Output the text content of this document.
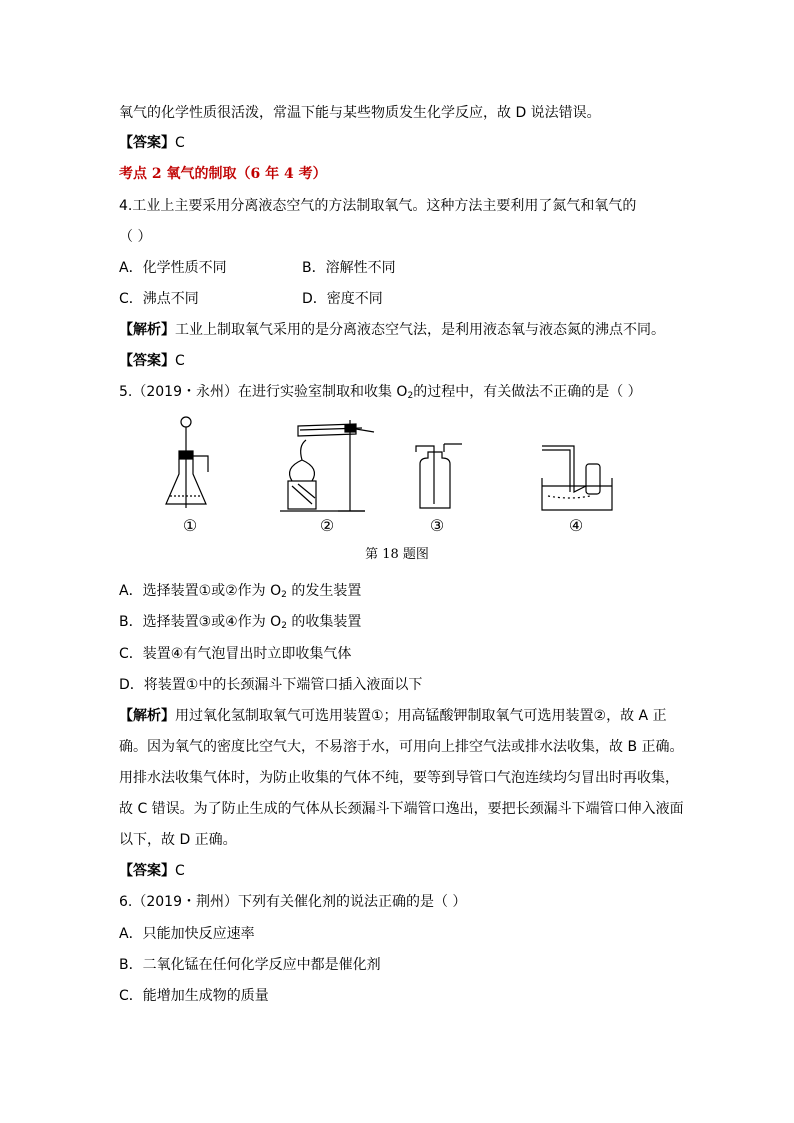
氧气的化学性质很活泼，常温下能与某些物质发生化学反应，故 D 说法错误。
【答案】C
考点 2 氧气的制取（6 年 4 考）
4.工业上主要采用分离液态空气的方法制取氧气。这种方法主要利用了氮气和氧气的
（ ）
A．化学性质不同	B．溶解性不同
C．沸点不同	D．密度不同
【解析】工业上制取氧气采用的是分离液态空气法，是利用液态氧与液态氮的沸点不同。
【答案】C
5.（2019・永州）在进行实验室制取和收集 $O_2$的过程中，有关做法不正确的是（ ）
①	②	③	④
第 18 题图
A．选择装置①或②作为 $O_2$ 的发生装置
B．选择装置③或④作为 $O_2$ 的收集装置
C．装置④有气泡冒出时立即收集气体
D．将装置①中的长颈漏斗下端管口插入液面以下
【解析】用过氧化氢制取氧气可选用装置①；用高锰酸钾制取氧气可选用装置②，故 A 正
确。因为氧气的密度比空气大，不易溶于水，可用向上排空气法或排水法收集，故 B 正确。
用排水法收集气体时，为防止收集的气体不纯，要等到导管口气泡连续均匀冒出时再收集，
故 C 错误。为了防止生成的气体从长颈漏斗下端管口逸出，要把长颈漏斗下端管口伸入液面
以下，故 D 正确。
【答案】C
6.（2019・荆州）下列有关催化剂的说法正确的是（ ）
A．只能加快反应速率
B．二氧化锰在任何化学反应中都是催化剂
C．能增加生成物的质量
